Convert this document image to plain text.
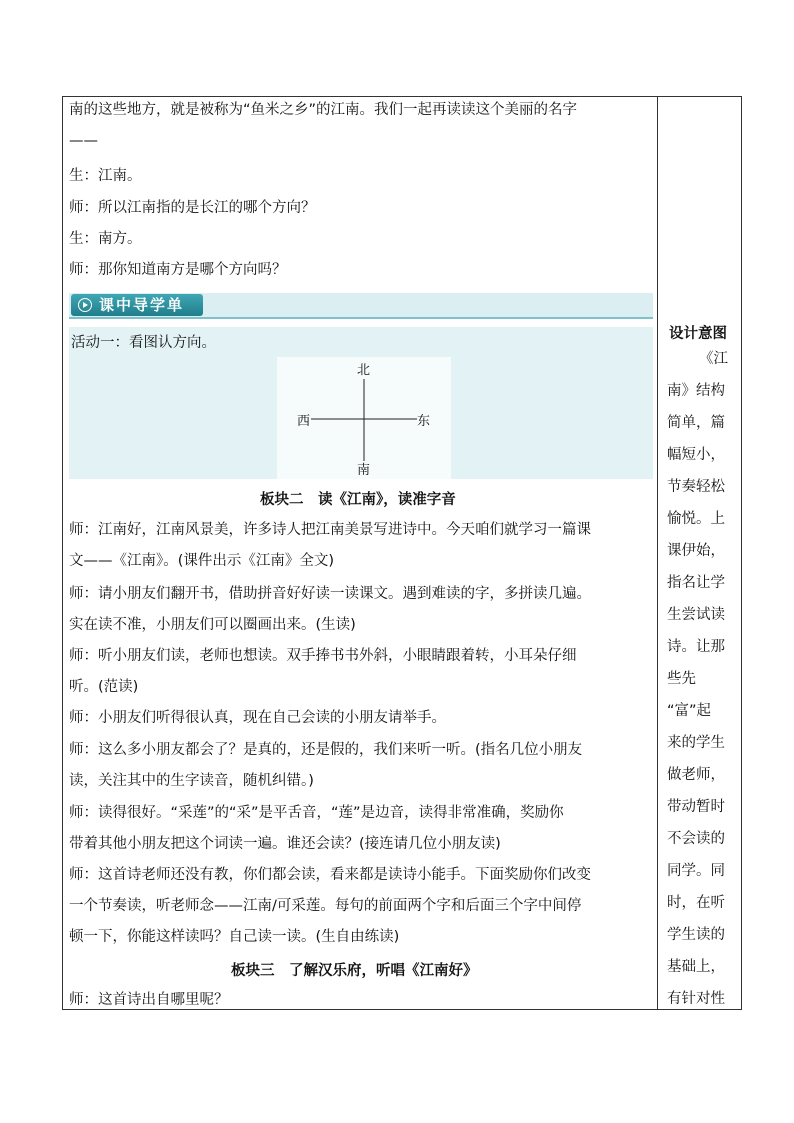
南的这些地方，就是被称为“鱼米之乡”的江南。我们一起再读读这个美丽的名字
——
生：江南。
师：所以江南指的是长江的哪个方向？
生：南方。
师：那你知道南方是哪个方向吗？
课中导学单
活动一：看图认方向。
北
南
西	东
板块二　读《江南》，读准字音
师：江南好，江南风景美，许多诗人把江南美景写进诗中。今天咱们就学习一篇课
文——《江南》。(课件出示《江南》全文)
师：请小朋友们翻开书，借助拼音好好读一读课文。遇到难读的字，多拼读几遍。
实在读不准，小朋友们可以圈画出来。(生读)
师：听小朋友们读，老师也想读。双手捧书书外斜，小眼睛跟着转，小耳朵仔细
听。(范读)
师：小朋友们听得很认真，现在自己会读的小朋友请举手。
师：这么多小朋友都会了？是真的，还是假的，我们来听一听。(指名几位小朋友
读，关注其中的生字读音，随机纠错。)
师：读得很好。“采莲”的“采”是平舌音，“莲”是边音，读得非常准确，奖励你
带着其他小朋友把这个词读一遍。谁还会读？(接连请几位小朋友读)
师：这首诗老师还没有教，你们都会读，看来都是读诗小能手。下面奖励你们改变
一个节奏读，听老师念——江南/可采莲。每句的前面两个字和后面三个字中间停
顿一下，你能这样读吗？自己读一读。(生自由练读)
板块三　了解汉乐府，听唱《江南好》
师：这首诗出自哪里呢？
设计意图
《江
南》结构
简单，篇
幅短小，
节奏轻松
愉悦。上
课伊始，
指名让学
生尝试读
诗。让那
些先
“富”起
来的学生
做老师，
带动暂时
不会读的
同学。同
时，在听
学生读的
基础上，
有针对性
